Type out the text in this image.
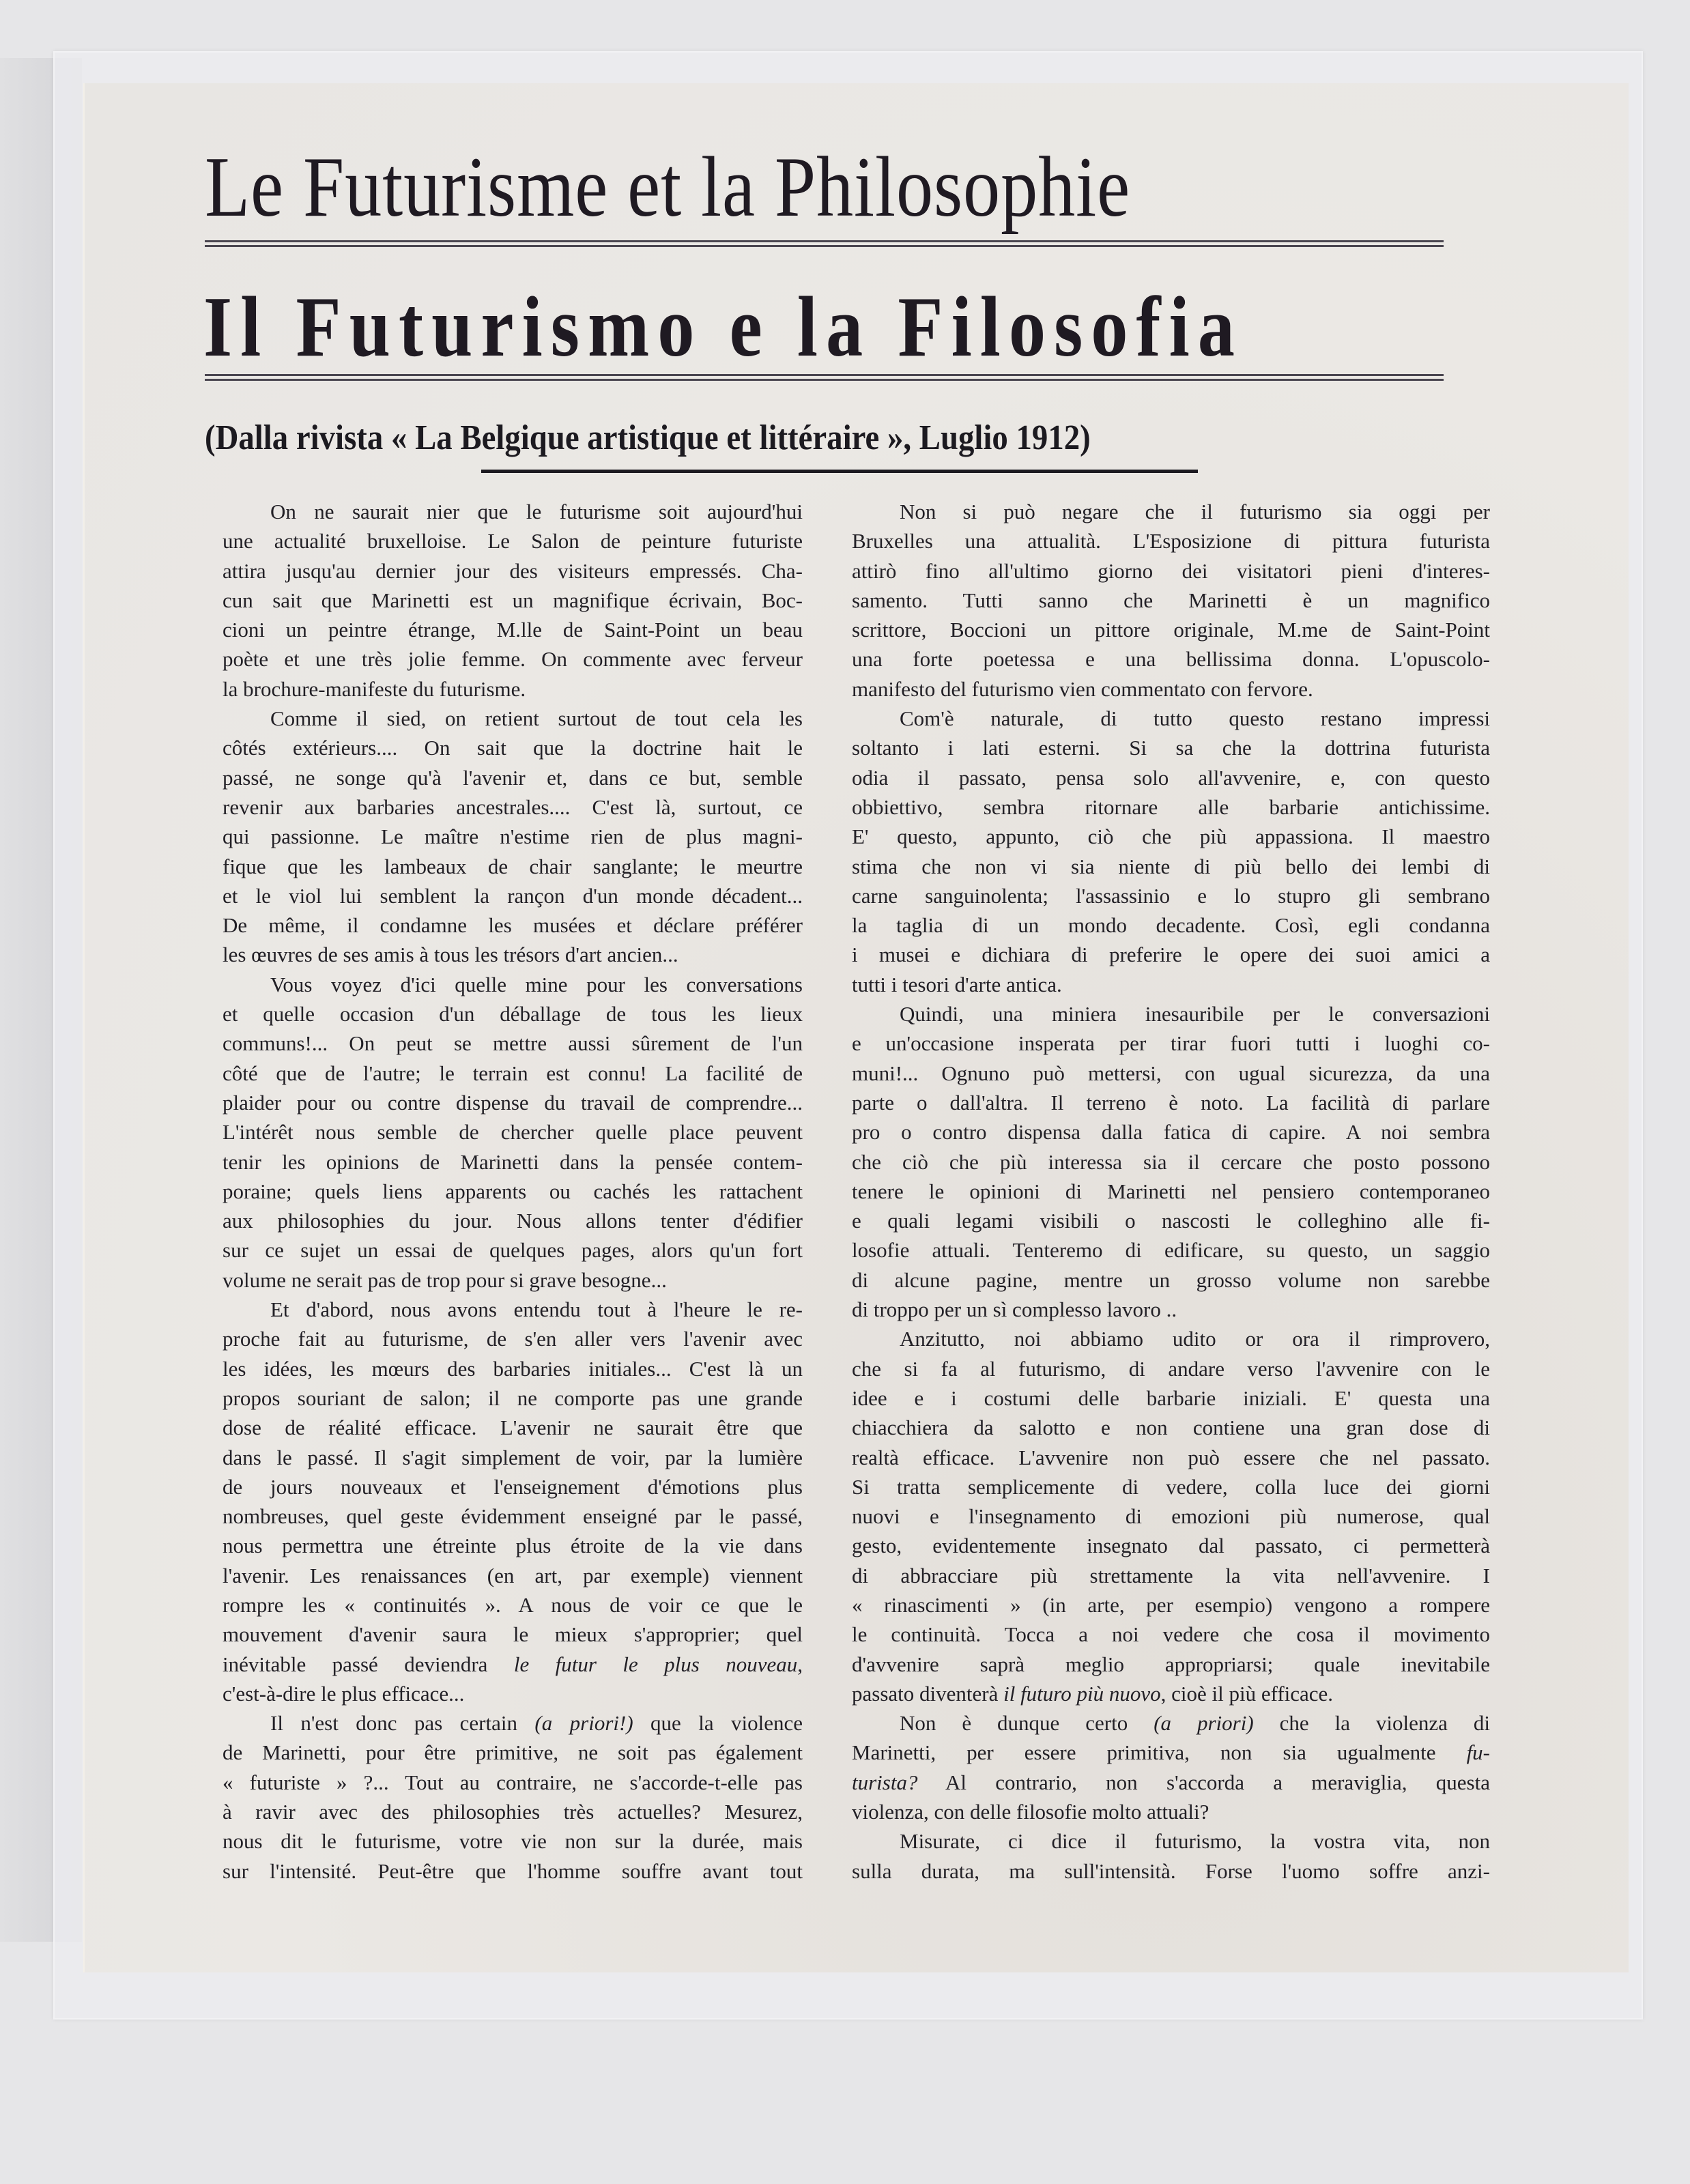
Le Futurisme et la Philosophie
Il Futurismo e la Filosofia
(Dalla rivista « La Belgique artistique et littéraire », Luglio 1912)
On ne saurait nier que le futurisme soit aujourd'hui
une actualité bruxelloise. Le Salon de peinture futuriste
attira jusqu'au dernier jour des visiteurs empressés. Cha-
cun sait que Marinetti est un magnifique écrivain, Boc-
cioni un peintre étrange, M.lle de Saint-Point un beau
poète et une très jolie femme. On commente avec ferveur
la brochure-manifeste du futurisme.
Comme il sied, on retient surtout de tout cela les
côtés extérieurs.... On sait que la doctrine hait le
passé, ne songe qu'à l'avenir et, dans ce but, semble
revenir aux barbaries ancestrales.... C'est là, surtout, ce
qui passionne. Le maître n'estime rien de plus magni-
fique que les lambeaux de chair sanglante; le meurtre
et le viol lui semblent la rançon d'un monde décadent...
De même, il condamne les musées et déclare préférer
les œuvres de ses amis à tous les trésors d'art ancien...
Vous voyez d'ici quelle mine pour les conversations
et quelle occasion d'un déballage de tous les lieux
communs!... On peut se mettre aussi sûrement de l'un
côté que de l'autre; le terrain est connu! La facilité de
plaider pour ou contre dispense du travail de comprendre...
L'intérêt nous semble de chercher quelle place peuvent
tenir les opinions de Marinetti dans la pensée contem-
poraine; quels liens apparents ou cachés les rattachent
aux philosophies du jour. Nous allons tenter d'édifier
sur ce sujet un essai de quelques pages, alors qu'un fort
volume ne serait pas de trop pour si grave besogne...
Et d'abord, nous avons entendu tout à l'heure le re-
proche fait au futurisme, de s'en aller vers l'avenir avec
les idées, les mœurs des barbaries initiales... C'est là un
propos souriant de salon; il ne comporte pas une grande
dose de réalité efficace. L'avenir ne saurait être que
dans le passé. Il s'agit simplement de voir, par la lumière
de jours nouveaux et l'enseignement d'émotions plus
nombreuses, quel geste évidemment enseigné par le passé,
nous permettra une étreinte plus étroite de la vie dans
l'avenir. Les renaissances (en art, par exemple) viennent
rompre les « continuités ». A nous de voir ce que le
mouvement d'avenir saura le mieux s'approprier; quel
inévitable passé deviendra le futur le plus nouveau,
c'est-à-dire le plus efficace...
Il n'est donc pas certain (a priori!) que la violence
de Marinetti, pour être primitive, ne soit pas également
« futuriste » ?... Tout au contraire, ne s'accorde-t-elle pas
à ravir avec des philosophies très actuelles? Mesurez,
nous dit le futurisme, votre vie non sur la durée, mais
sur l'intensité. Peut-être que l'homme souffre avant tout
Non si può negare che il futurismo sia oggi per
Bruxelles una attualità. L'Esposizione di pittura futurista
attirò fino all'ultimo giorno dei visitatori pieni d'interes-
samento. Tutti sanno che Marinetti è un magnifico
scrittore, Boccioni un pittore originale, M.me de Saint-Point
una forte poetessa e una bellissima donna. L'opuscolo-
manifesto del futurismo vien commentato con fervore.
Com'è naturale, di tutto questo restano impressi
soltanto i lati esterni. Si sa che la dottrina futurista
odia il passato, pensa solo all'avvenire, e, con questo
obbiettivo, sembra ritornare alle barbarie antichissime.
E' questo, appunto, ciò che più appassiona. Il maestro
stima che non vi sia niente di più bello dei lembi di
carne sanguinolenta; l'assassinio e lo stupro gli sembrano
la taglia di un mondo decadente. Così, egli condanna
i musei e dichiara di preferire le opere dei suoi amici a
tutti i tesori d'arte antica.
Quindi, una miniera inesauribile per le conversazioni
e un'occasione insperata per tirar fuori tutti i luoghi co-
muni!... Ognuno può mettersi, con ugual sicurezza, da una
parte o dall'altra. Il terreno è noto. La facilità di parlare
pro o contro dispensa dalla fatica di capire. A noi sembra
che ciò che più interessa sia il cercare che posto possono
tenere le opinioni di Marinetti nel pensiero contemporaneo
e quali legami visibili o nascosti le colleghino alle fi-
losofie attuali. Tenteremo di edificare, su questo, un saggio
di alcune pagine, mentre un grosso volume non sarebbe
di troppo per un sì complesso lavoro ..
Anzitutto, noi abbiamo udito or ora il rimprovero,
che si fa al futurismo, di andare verso l'avvenire con le
idee e i costumi delle barbarie iniziali. E' questa una
chiacchiera da salotto e non contiene una gran dose di
realtà efficace. L'avvenire non può essere che nel passato.
Si tratta semplicemente di vedere, colla luce dei giorni
nuovi e l'insegnamento di emozioni più numerose, qual
gesto, evidentemente insegnato dal passato, ci permetterà
di abbracciare più strettamente la vita nell'avvenire. I
« rinascimenti » (in arte, per esempio) vengono a rompere
le continuità. Tocca a noi vedere che cosa il movimento
d'avvenire saprà meglio appropriarsi; quale inevitabile
passato diventerà il futuro più nuovo, cioè il più efficace.
Non è dunque certo (a priori) che la violenza di
Marinetti, per essere primitiva, non sia ugualmente fu-
turista? Al contrario, non s'accorda a meraviglia, questa
violenza, con delle filosofie molto attuali?
Misurate, ci dice il futurismo, la vostra vita, non
sulla durata, ma sull'intensità. Forse l'uomo soffre anzi-
